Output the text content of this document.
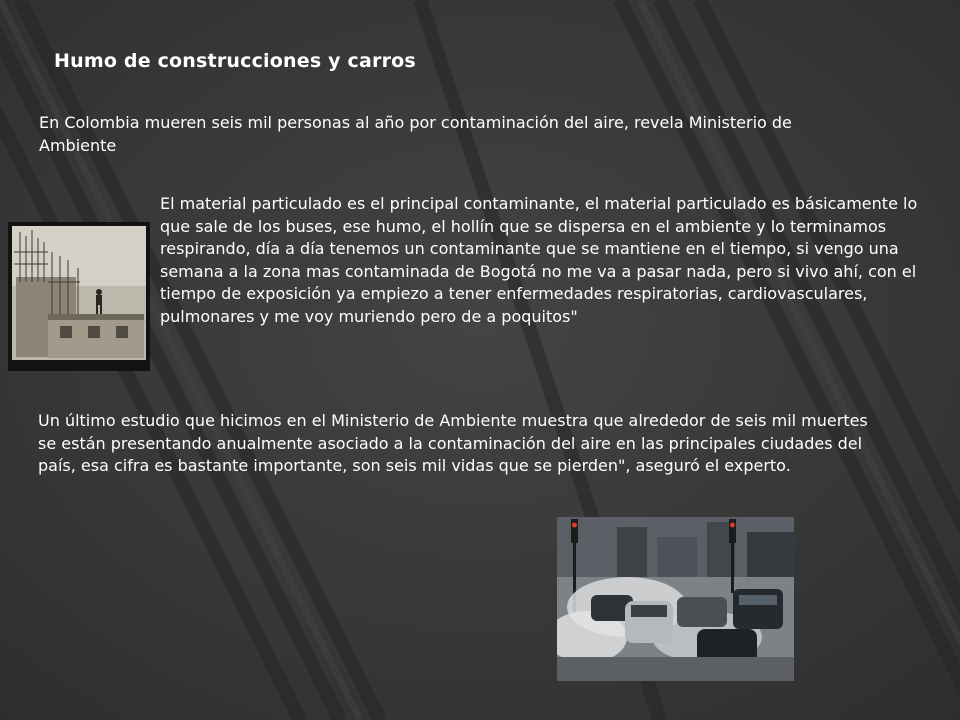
Humo de construcciones y carros
En Colombia mueren seis mil personas al año por contaminación del aire, revela Ministerio de Ambiente
El material particulado es el principal contaminante, el material particulado es básicamente lo que sale de los buses, ese humo, el hollín que se dispersa en el ambiente y lo terminamos respirando, día a día tenemos un contaminante que se mantiene en el tiempo, si vengo una semana a la zona mas contaminada de Bogotá no me va a pasar nada, pero si vivo ahí, con el tiempo de exposición ya empiezo a tener enfermedades respiratorias, cardiovasculares, pulmonares y me voy muriendo pero de a poquitos"
Un último estudio que hicimos en el Ministerio de Ambiente muestra que alrededor de seis mil muertes se están presentando anualmente asociado a la contaminación del aire en las principales ciudades del país, esa cifra es bastante importante, son seis mil vidas que se pierden", aseguró el experto.
